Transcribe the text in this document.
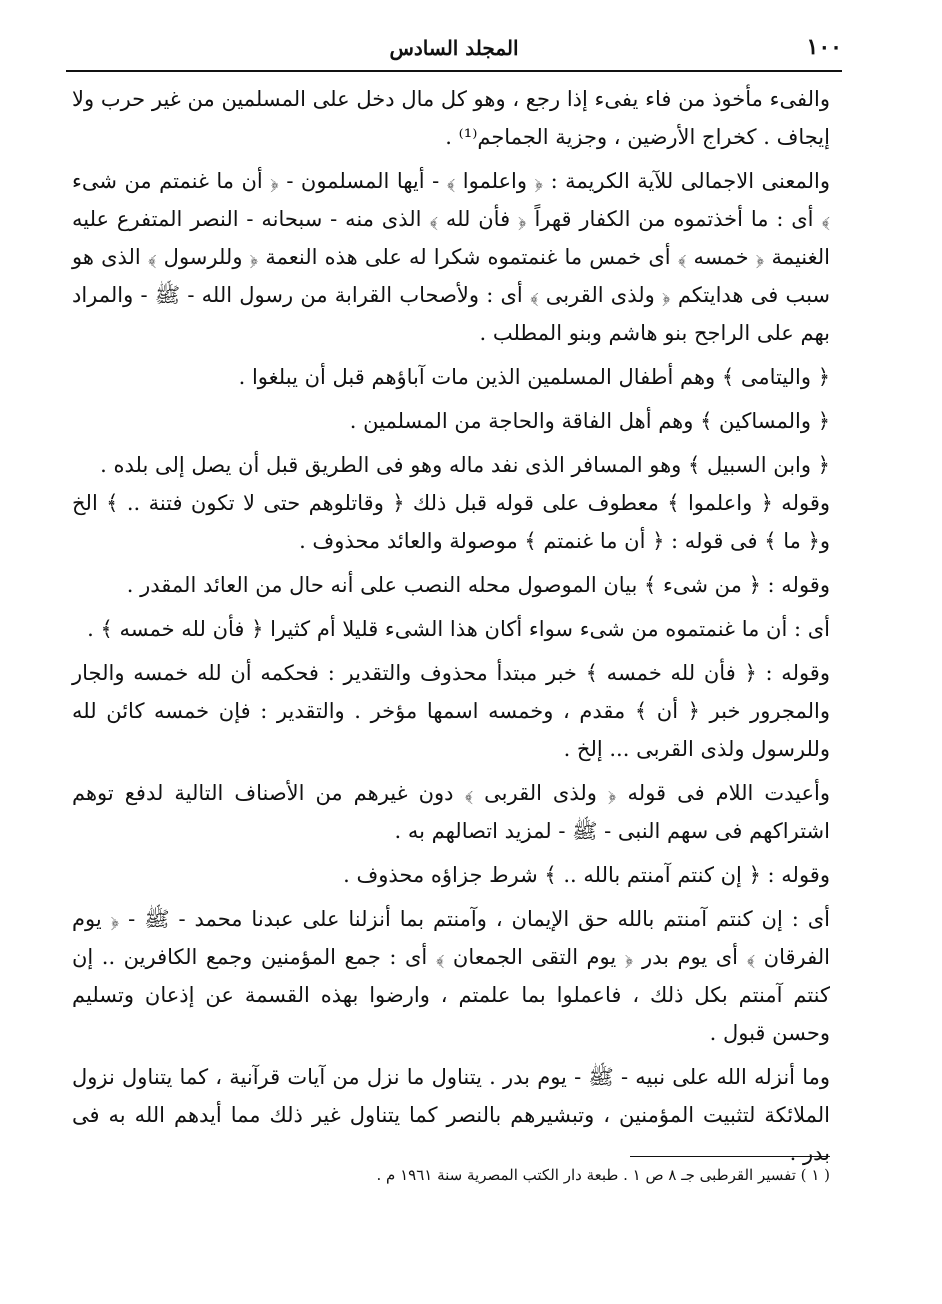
١٠٠
المجلد السادس

والفىء مأخوذ من فاء يفىء إذا رجع ، وهو كل مال دخل على المسلمين من غير حرب ولا إيجاف . كخراج الأرضين ، وجزية الجماجم⁽¹⁾ .

والمعنى الاجمالى للآية الكريمة : ﴿ واعلموا ﴾ - أيها المسلمون - ﴿ أن ما غنمتم من شىء ﴾ أى : ما أخذتموه من الكفار قهراً ﴿ فأن لله ﴾ الذى منه - سبحانه - النصر المتفرع عليه الغنيمة ﴿ خمسه ﴾ أى خمس ما غنمتموه شكرا له على هذه النعمة ﴿ وللرسول ﴾ الذى هو سبب فى هدايتكم ﴿ ولذى القربى ﴾ أى : ولأصحاب القرابة من رسول الله - ﷺ - والمراد بهم على الراجح بنو هاشم وبنو المطلب .

﴿ واليتامى ﴾ وهم أطفال المسلمين الذين مات آباؤهم قبل أن يبلغوا .

﴿ والمساكين ﴾ وهم أهل الفاقة والحاجة من المسلمين .

﴿ وابن السبيل ﴾ وهو المسافر الذى نفد ماله وهو فى الطريق قبل أن يصل إلى بلده .

وقوله ﴿ واعلموا ﴾ معطوف على قوله قبل ذلك ﴿ وقاتلوهم حتى لا تكون فتنة .. ﴾ الخ و﴿ ما ﴾ فى قوله : ﴿ أن ما غنمتم ﴾ موصولة والعائد محذوف .

وقوله : ﴿ من شىء ﴾ بيان الموصول محله النصب على أنه حال من العائد المقدر .

أى : أن ما غنمتموه من شىء سواء أكان هذا الشىء قليلا أم كثيرا ﴿ فأن لله خمسه ﴾ .

وقوله : ﴿ فأن لله خمسه ﴾ خبر مبتدأ محذوف والتقدير : فحكمه أن لله خمسه والجار والمجرور خبر ﴿ أن ﴾ مقدم ، وخمسه اسمها مؤخر . والتقدير : فإن خمسه كائن لله وللرسول ولذى القربى ... إلخ .

وأعيدت اللام فى قوله ﴿ ولذى القربى ﴾ دون غيرهم من الأصناف التالية لدفع توهم اشتراكهم فى سهم النبى - ﷺ - لمزيد اتصالهم به .

وقوله : ﴿ إن كنتم آمنتم بالله .. ﴾ شرط جزاؤه محذوف .

أى : إن كنتم آمنتم بالله حق الإيمان ، وآمنتم بما أنزلنا على عبدنا محمد - ﷺ - ﴿ يوم الفرقان ﴾ أى يوم بدر ﴿ يوم التقى الجمعان ﴾ أى : جمع المؤمنين وجمع الكافرين .. إن كنتم آمنتم بكل ذلك ، فاعملوا بما علمتم ، وارضوا بهذه القسمة عن إذعان وتسليم وحسن قبول .

وما أنزله الله على نبيه - ﷺ - يوم بدر . يتناول ما نزل من آيات قرآنية ، كما يتناول نزول الملائكة لتثبيت المؤمنين ، وتبشيرهم بالنصر كما يتناول غير ذلك مما أيدهم الله به فى بدر .

( ١ ) تفسير القرطبى جـ ٨ ص ١ . طبعة دار الكتب المصرية سنة ١٩٦١ م .
